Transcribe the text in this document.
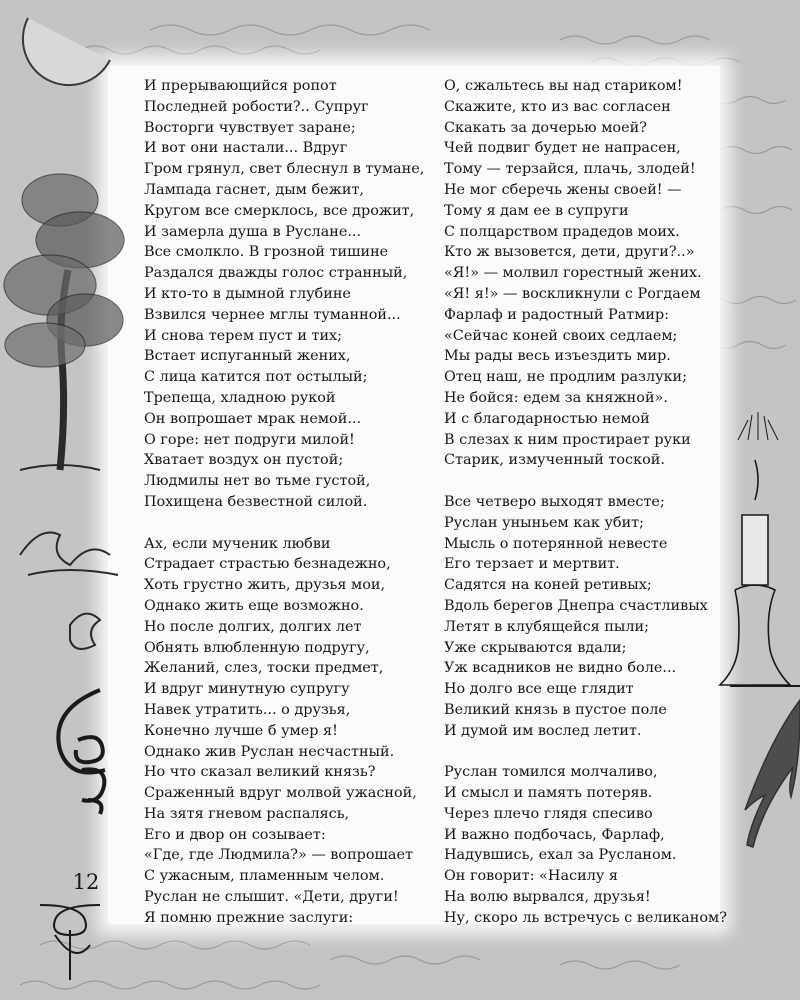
И прерывающийся ропот
Последней робости?.. Супруг
Восторги чувствует заране;
И вот они настали... Вдруг
Гром грянул, свет блеснул в тумане,
Лампада гаснет, дым бежит,
Кругом все смерклось, все дрожит,
И замерла душа в Руслане...
Все смолкло. В грозной тишине
Раздался дважды голос странный,
И кто-то в дымной глубине
Взвился чернее мглы туманной...
И снова терем пуст и тих;
Встает испуганный жених,
С лица катится пот остылый;
Трепеща, хладною рукой
Он вопрошает мрак немой...
О горе: нет подруги милой!
Хватает воздух он пустой;
Людмилы нет во тьме густой,
Похищена безвестной силой.
Ах, если мученик любви
Страдает страстью безнадежно,
Хоть грустно жить, друзья мои,
Однако жить еще возможно.
Но после долгих, долгих лет
Обнять влюбленную подругу,
Желаний, слез, тоски предмет,
И вдруг минутную супругу
Навек утратить... о друзья,
Конечно лучше б умер я!
Однако жив Руслан несчастный.
Но что сказал великий князь?
Сраженный вдруг молвой ужасной,
На зятя гневом распалясь,
Его и двор он созывает:
«Где, где Людмила?» — вопрошает
С ужасным, пламенным челом.
Руслан не слышит. «Дети, други!
Я помню прежние заслуги:
О, сжальтесь вы над стариком!
Скажите, кто из вас согласен
Скакать за дочерью моей?
Чей подвиг будет не напрасен,
Тому — терзайся, плачь, злодей!
Не мог сберечь жены своей! —
Тому я дам ее в супруги
С полцарством прадедов моих.
Кто ж вызовется, дети, други?..»
«Я!» — молвил горестный жених.
«Я! я!» — воскликнули с Рогдаем
Фарлаф и радостный Ратмир:
«Сейчас коней своих седлаем;
Мы рады весь изъездить мир.
Отец наш, не продлим разлуки;
Не бойся: едем за княжной».
И с благодарностью немой
В слезах к ним простирает руки
Старик, измученный тоской.
Все четверо выходят вместе;
Руслан уныньем как убит;
Мысль о потерянной невесте
Его терзает и мертвит.
Садятся на коней ретивых;
Вдоль берегов Днепра счастливых
Летят в клубящейся пыли;
Уже скрываются вдали;
Уж всадников не видно боле...
Но долго все еще глядит
Великий князь в пустое поле
И думой им вослед летит.
Руслан томился молчаливо,
И смысл и память потеряв.
Через плечо глядя спесиво
И важно подбочась, Фарлаф,
Надувшись, ехал за Русланом.
Он говорит: «Насилу я
На волю вырвался, друзья!
Ну, скоро ль встречусь с великаном?
12
